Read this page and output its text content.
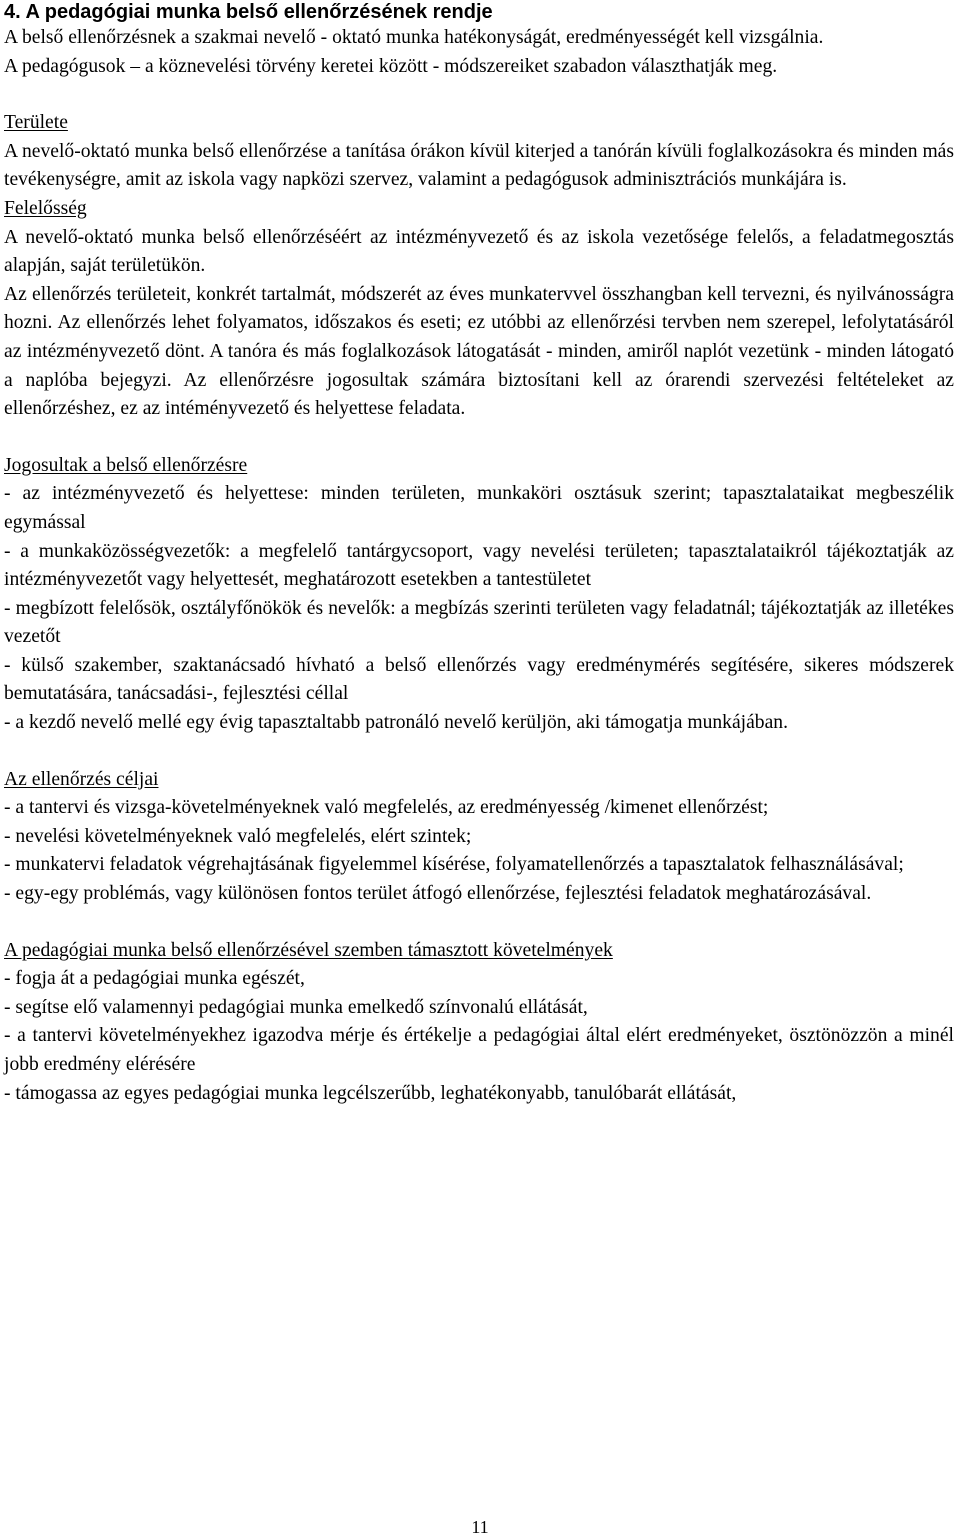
4. A pedagógiai munka belső ellenőrzésének rendje

A belső ellenőrzésnek a szakmai nevelő - oktató munka hatékonyságát, eredményességét kell vizsgálnia.

A pedagógusok – a köznevelési törvény keretei között - módszereiket szabadon választhatják meg.

Területe

A nevelő-oktató munka belső ellenőrzése a tanítása órákon kívül kiterjed a tanórán kívüli foglalkozásokra és minden más tevékenységre, amit az iskola vagy napközi szervez, valamint a pedagógusok adminisztrációs munkájára is.

Felelősség

A nevelő-oktató munka belső ellenőrzéséért az intézményvezető és az iskola vezetősége felelős, a feladatmegosztás alapján, saját területükön.

Az ellenőrzés területeit, konkrét tartalmát, módszerét az éves munkatervvel összhangban kell tervezni, és nyilvánosságra hozni. Az ellenőrzés lehet folyamatos, időszakos és eseti; ez utóbbi az ellenőrzési tervben nem szerepel, lefolytatásáról az intézményvezető dönt. A tanóra és más foglalkozások látogatását - minden, amiről naplót vezetünk - minden látogató a naplóba bejegyzi. Az ellenőrzésre jogosultak számára biztosítani kell az órarendi szervezési feltételeket az ellenőrzéshez, ez az intéményvezető és helyettese feladata.

Jogosultak a belső ellenőrzésre

- az intézményvezető és helyettese: minden területen, munkaköri osztásuk szerint; tapasztalataikat megbeszélik egymással

- a munkaközösségvezetők: a megfelelő tantárgycsoport, vagy nevelési területen; tapasztalataikról tájékoztatják az intézményvezetőt vagy helyettesét, meghatározott esetekben a tantestületet

- megbízott felelősök, osztályfőnökök és nevelők: a megbízás szerinti területen vagy feladatnál; tájékoztatják az illetékes vezetőt

- külső szakember, szaktanácsadó hívható a belső ellenőrzés vagy eredménymérés segítésére, sikeres módszerek bemutatására, tanácsadási-, fejlesztési céllal

- a kezdő nevelő mellé egy évig tapasztaltabb patronáló nevelő kerüljön, aki támogatja munkájában.

Az ellenőrzés céljai

- a tantervi és vizsga-követelményeknek való megfelelés, az eredményesség /kimenet ellenőrzést;

- nevelési követelményeknek való megfelelés, elért szintek;

- munkatervi feladatok végrehajtásának figyelemmel kísérése, folyamatellenőrzés a tapasztalatok felhasználásával;

- egy-egy problémás, vagy különösen fontos terület átfogó ellenőrzése, fejlesztési feladatok meghatározásával.

A pedagógiai munka belső ellenőrzésével szemben támasztott követelmények

- fogja át a pedagógiai munka egészét,

- segítse elő valamennyi pedagógiai munka emelkedő színvonalú ellátását,

- a tantervi követelményekhez igazodva mérje és értékelje a pedagógiai által elért eredményeket, ösztönözzön a minél jobb eredmény elérésére

- támogassa az egyes pedagógiai munka legcélszerűbb, leghatékonyabb, tanulóbarát ellátását,

11
